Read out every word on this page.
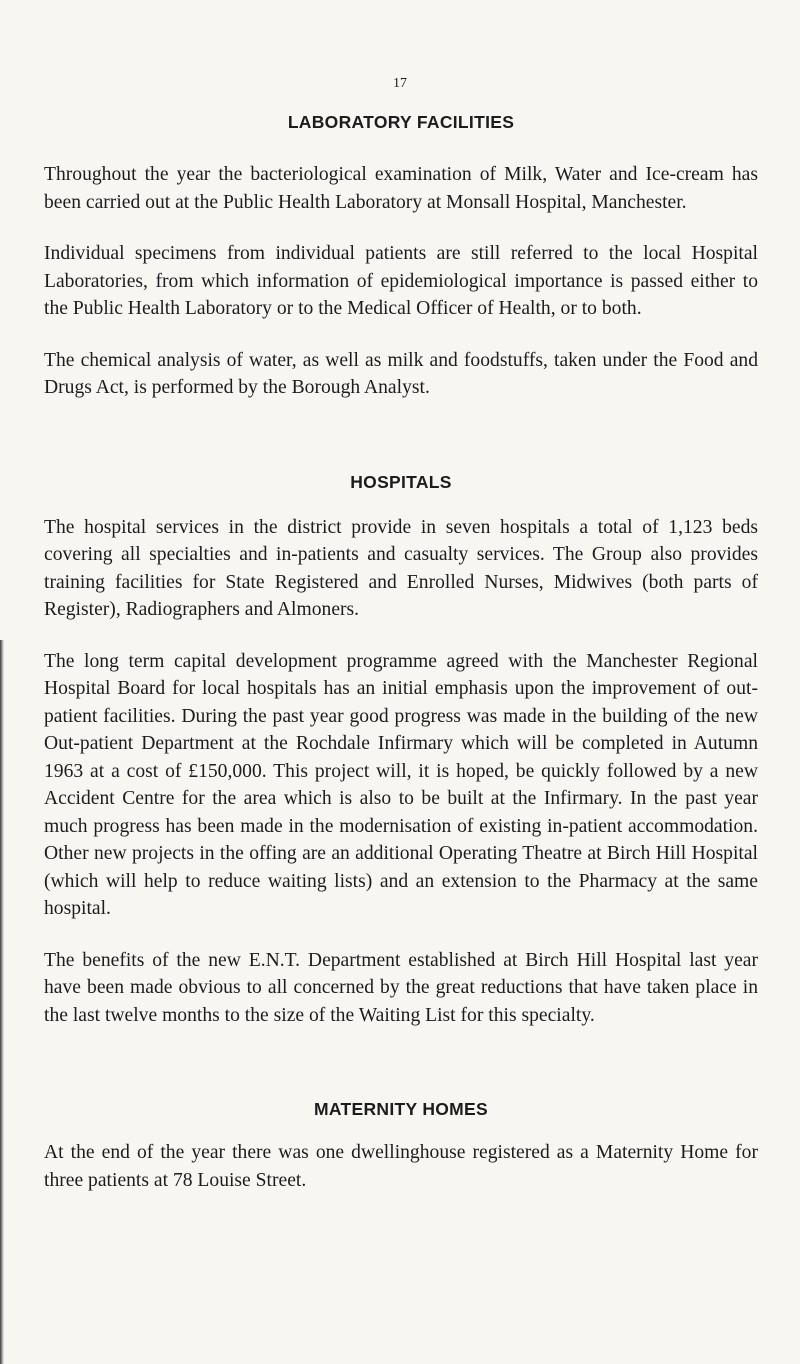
17
LABORATORY FACILITIES

Throughout the year the bacteriological examination of Milk, Water and Ice-cream has been carried out at the Public Health Laboratory at Monsall Hospital, Manchester.

Individual specimens from individual patients are still referred to the local Hospital Laboratories, from which information of epidemiological importance is passed either to the Public Health Laboratory or to the Medical Officer of Health, or to both.

The chemical analysis of water, as well as milk and foodstuffs, taken under the Food and Drugs Act, is performed by the Borough Analyst.

HOSPITALS

The hospital services in the district provide in seven hospitals a total of 1,123 beds covering all specialties and in-patients and casualty services. The Group also provides training facilities for State Registered and Enrolled Nurses, Midwives (both parts of Register), Radiographers and Almoners.

The long term capital development programme agreed with the Manchester Regional Hospital Board for local hospitals has an initial emphasis upon the improvement of out-patient facilities. During the past year good progress was made in the building of the new Out-patient Department at the Rochdale Infirmary which will be completed in Autumn 1963 at a cost of £150,000. This project will, it is hoped, be quickly followed by a new Accident Centre for the area which is also to be built at the Infirmary. In the past year much progress has been made in the modernisation of existing in-patient accommodation. Other new projects in the offing are an additional Operating Theatre at Birch Hill Hospital (which will help to reduce waiting lists) and an extension to the Pharmacy at the same hospital.

The benefits of the new E.N.T. Department established at Birch Hill Hospital last year have been made obvious to all concerned by the great reductions that have taken place in the last twelve months to the size of the Waiting List for this specialty.

MATERNITY HOMES

At the end of the year there was one dwellinghouse registered as a Maternity Home for three patients at 78 Louise Street.
